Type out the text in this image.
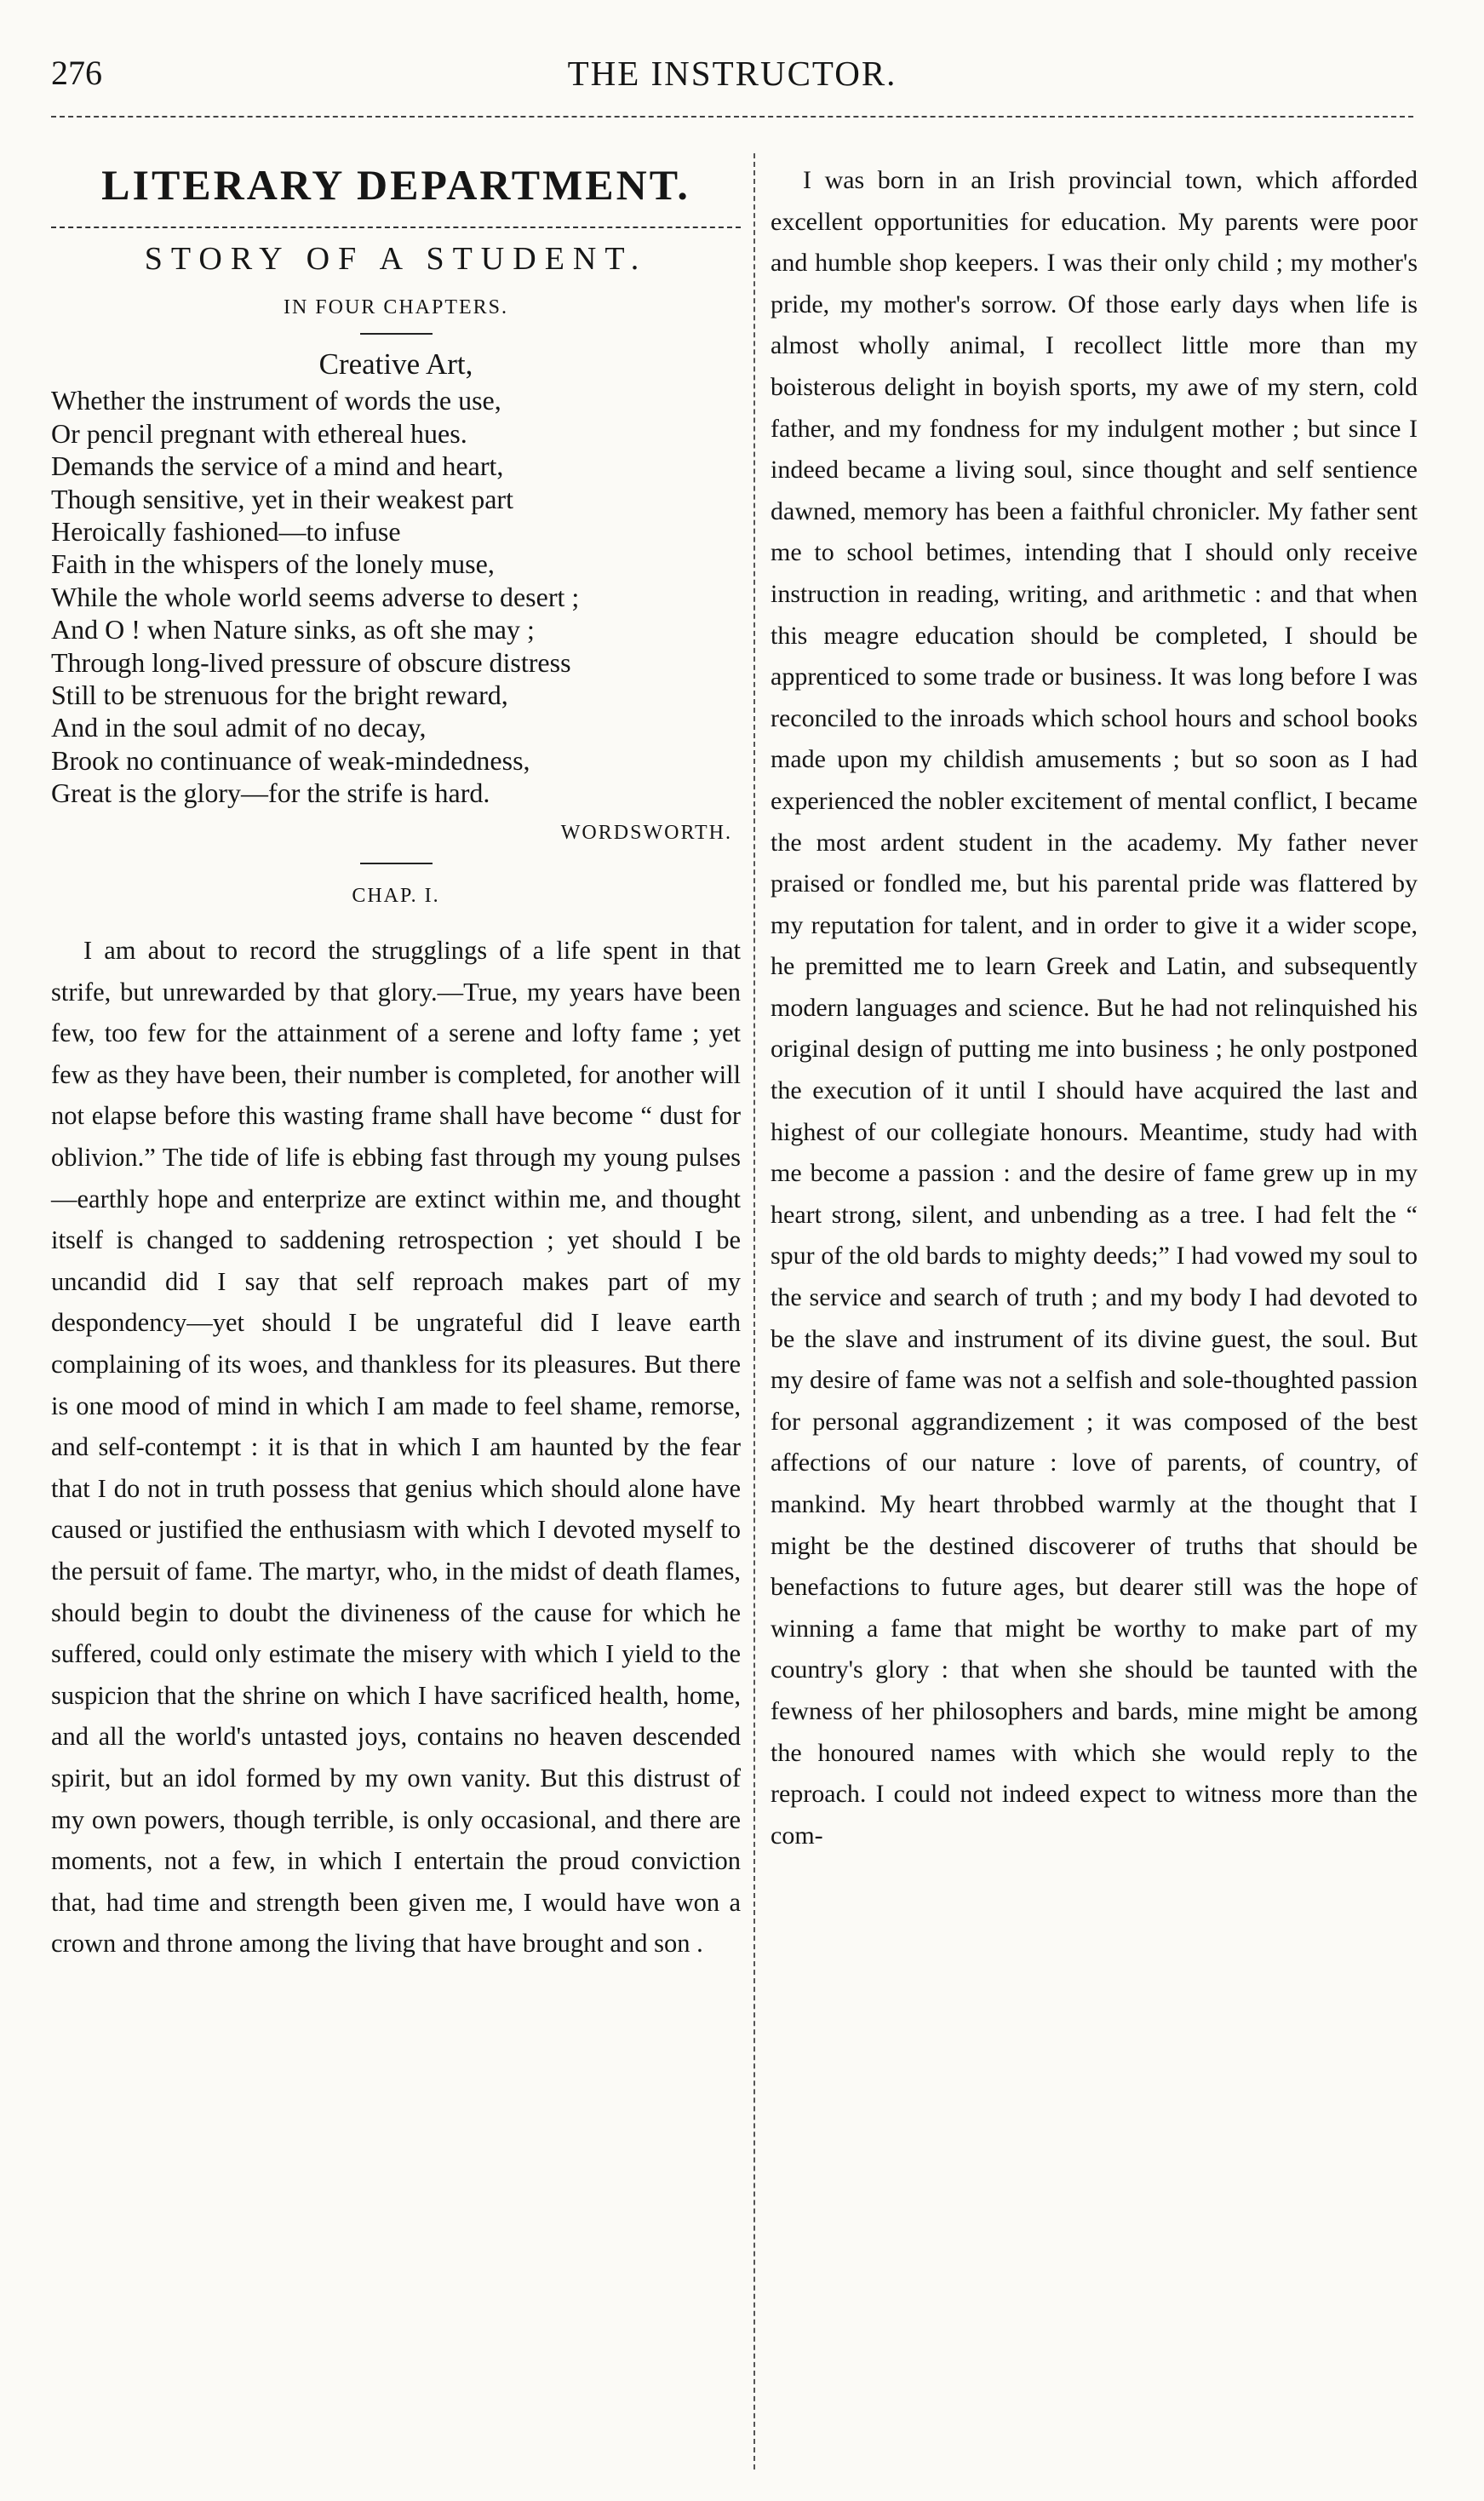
276	THE INSTRUCTOR.
LITERARY DEPARTMENT.
STORY OF A STUDENT.
IN FOUR CHAPTERS.

Creative Art,

Whether the instrument of words the use,

Or pencil pregnant with ethereal hues.

Demands the service of a mind and heart,

Though sensitive, yet in their weakest part

Heroically fashioned—to infuse

Faith in the whispers of the lonely muse,

While the whole world seems adverse to desert ;

And O ! when Nature sinks, as oft she may ;

Through long-lived pressure of obscure distress

Still to be strenuous for the bright reward,

And in the soul admit of no decay,

Brook no continuance of weak-mindedness,

Great is the glory—for the strife is hard.

WORDSWORTH.

CHAP. I.

I am about to record the strugglings of a life spent in that strife, but unrewarded by that glory.—True, my years have been few, too few for the attainment of a serene and lofty fame ; yet few as they have been, their number is completed, for another will not elapse before this wasting frame shall have become “ dust for oblivion.” The tide of life is ebbing fast through my young pulses—earthly hope and enterprize are extinct within me, and thought itself is changed to saddening retrospection ; yet should I be uncandid did I say that self reproach makes part of my despondency—yet should I be ungrateful did I leave earth complaining of its woes, and thankless for its pleasures. But there is one mood of mind in which I am made to feel shame, remorse, and self-contempt : it is that in which I am haunted by the fear that I do not in truth possess that genius which should alone have caused or justified the enthusiasm with which I devoted myself to the persuit of fame. The martyr, who, in the midst of death flames, should begin to doubt the divineness of the cause for which he suffered, could only estimate the misery with which I yield to the suspicion that the shrine on which I have sacrificed health, home, and all the world's untasted joys, contains no heaven descended spirit, but an idol formed by my own vanity. But this distrust of my own powers, though terrible, is only occasional, and there are moments, not a few, in which I entertain the proud conviction that, had time and strength been given me, I would have won a crown and throne among the living that have brought and son .

I was born in an Irish provincial town, which afforded excellent opportunities for education. My parents were poor and humble shop keepers. I was their only child ; my mother's pride, my mother's sorrow. Of those early days when life is almost wholly animal, I recollect little more than my boisterous delight in boyish sports, my awe of my stern, cold father, and my fondness for my indulgent mother ; but since I indeed became a living soul, since thought and self sentience dawned, memory has been a faithful chronicler. My father sent me to school betimes, intending that I should only receive instruction in reading, writing, and arithmetic : and that when this meagre education should be completed, I should be apprenticed to some trade or business. It was long before I was reconciled to the inroads which school hours and school books made upon my childish amusements ; but so soon as I had experienced the nobler excitement of mental conflict, I became the most ardent student in the academy. My father never praised or fondled me, but his parental pride was flattered by my reputation for talent, and in order to give it a wider scope, he premitted me to learn Greek and Latin, and subsequently modern languages and science. But he had not relinquished his original design of putting me into business ; he only postponed the execution of it until I should have acquired the last and highest of our collegiate honours. Meantime, study had with me become a passion : and the desire of fame grew up in my heart strong, silent, and unbending as a tree. I had felt the “ spur of the old bards to mighty deeds;” I had vowed my soul to the service and search of truth ; and my body I had devoted to be the slave and instrument of its divine guest, the soul. But my desire of fame was not a selfish and sole-thoughted passion for personal aggrandizement ; it was composed of the best affections of our nature : love of parents, of country, of mankind. My heart throbbed warmly at the thought that I might be the destined discoverer of truths that should be benefactions to future ages, but dearer still was the hope of winning a fame that might be worthy to make part of my country's glory : that when she should be taunted with the fewness of her philosophers and bards, mine might be among the honoured names with which she would reply to the reproach. I could not indeed expect to witness more than the com-
